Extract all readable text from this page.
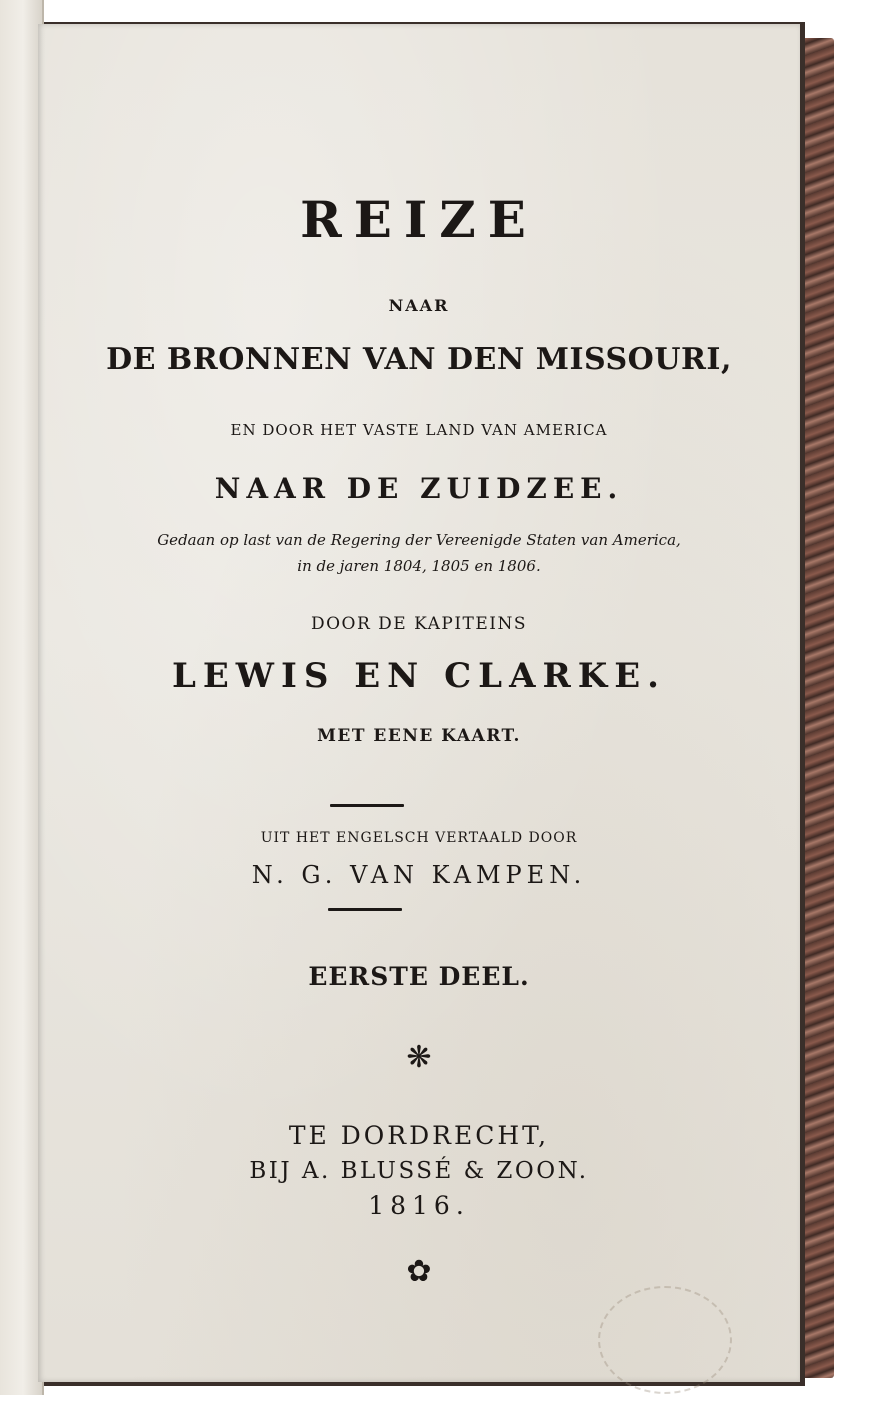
REIZE
NAAR
DE BRONNEN VAN DEN MISSOURI,
EN DOOR HET VASTE LAND VAN AMERICA
NAAR DE ZUIDZEE.
Gedaan op last van de Regering der Vereenigde Staten van America,
in de jaren 1804, 1805 en 1806.
DOOR DE KAPITEINS
LEWIS EN CLARKE.
MET EENE KAART.
UIT HET ENGELSCH VERTAALD DOOR
N. G. VAN KAMPEN.
EERSTE DEEL.
❋
TE DORDRECHT,
BIJ A. BLUSSÉ & ZOON.
1816.
✿
